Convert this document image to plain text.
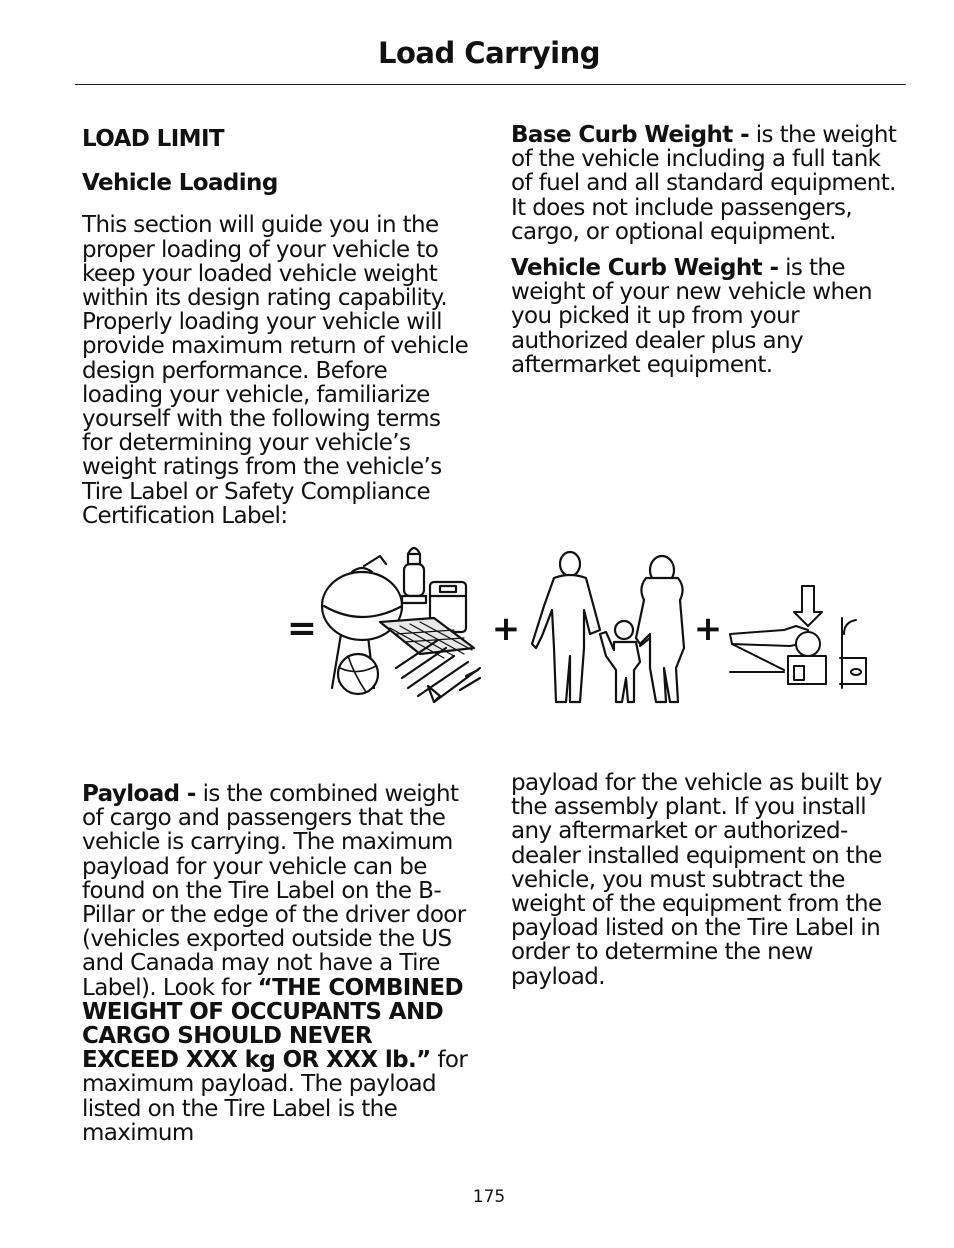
Load Carrying
LOAD LIMIT
Vehicle Loading

This section will guide you in the proper loading of your vehicle to keep your loaded vehicle weight within its design rating capability. Properly loading your vehicle will provide maximum return of vehicle design performance. Before loading your vehicle, familiarize yourself with the following terms for determining your vehicle’s weight ratings from the vehicle’s Tire Label or Safety Compliance Certification Label:

Base Curb Weight - is the weight of the vehicle including a full tank of fuel and all standard equipment. It does not include passengers, cargo, or optional equipment.

Vehicle Curb Weight - is the weight of your new vehicle when you picked it up from your authorized dealer plus any aftermarket equipment.

=	+	+

Payload - is the combined weight of cargo and passengers that the vehicle is carrying. The maximum payload for your vehicle can be found on the Tire Label on the B-Pillar or the edge of the driver door (vehicles exported outside the US and Canada may not have a Tire Label). Look for “THE COMBINED WEIGHT OF OCCUPANTS AND CARGO SHOULD NEVER EXCEED XXX kg OR XXX lb.” for maximum payload. The payload listed on the Tire Label is the maximum

payload for the vehicle as built by the assembly plant. If you install any aftermarket or authorized-dealer installed equipment on the vehicle, you must subtract the weight of the equipment from the payload listed on the Tire Label in order to determine the new payload.

175
